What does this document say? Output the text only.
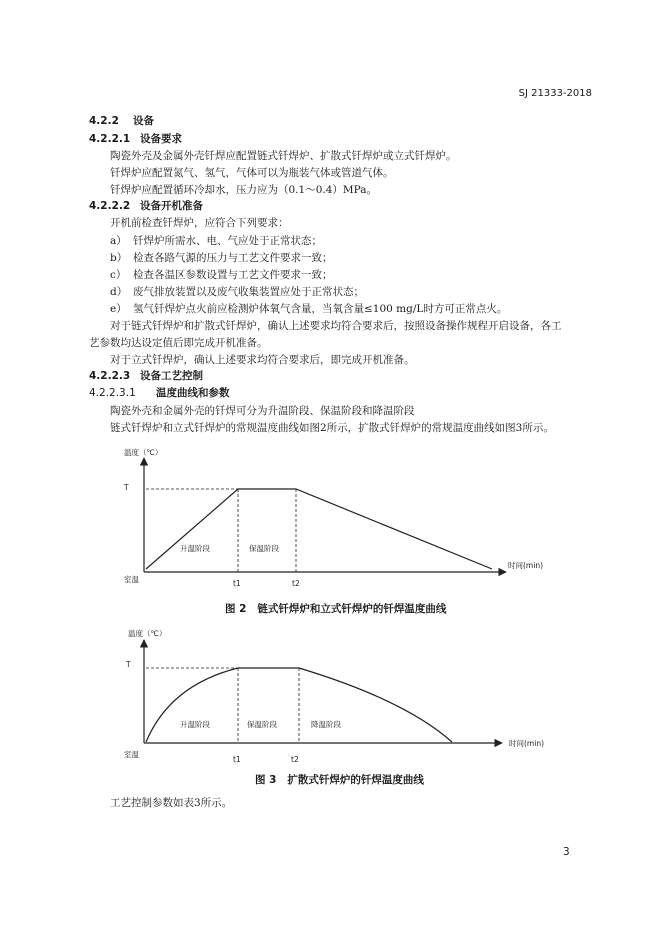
SJ 21333-2018
4.2.2 设备
4.2.2.1 设备要求
陶瓷外壳及金属外壳钎焊应配置链式钎焊炉、扩散式钎焊炉或立式钎焊炉。
钎焊炉应配置氮气、氢气，气体可以为瓶装气体或管道气体。
钎焊炉应配置循环冷却水，压力应为（0.1～0.4）MPa。
4.2.2.2 设备开机准备
开机前检查钎焊炉，应符合下列要求：
a） 钎焊炉所需水、电、气应处于正常状态；
b） 检查各路气源的压力与工艺文件要求一致；
c） 检查各温区参数设置与工艺文件要求一致；
d） 废气排放装置以及废气收集装置应处于正常状态；
e） 氢气钎焊炉点火前应检测炉体氧气含量，当氧含量≤100 mg/L时方可正常点火。
对于链式钎焊炉和扩散式钎焊炉，确认上述要求均符合要求后，按照设备操作规程开启设备，各工
艺参数均达设定值后即完成开机准备。
对于立式钎焊炉，确认上述要求均符合要求后，即完成开机准备。
4.2.2.3 设备工艺控制
4.2.2.3.1 温度曲线和参数
陶瓷外壳和金属外壳的钎焊可分为升温阶段、保温阶段和降温阶段
链式钎焊炉和立式钎焊炉的常规温度曲线如图2所示，扩散式钎焊炉的常规温度曲线如图3所示。
温度（℃）
时间(min)
T
室温	t1	t2
升温阶段	保温阶段
温度（℃）
时间(min)
T
室温
t1	t2
升温阶段	保温阶段	降温阶段
图 2   链式钎焊炉和立式钎焊炉的钎焊温度曲线
图 3   扩散式钎焊炉的钎焊温度曲线
工艺控制参数如表3所示。
3
